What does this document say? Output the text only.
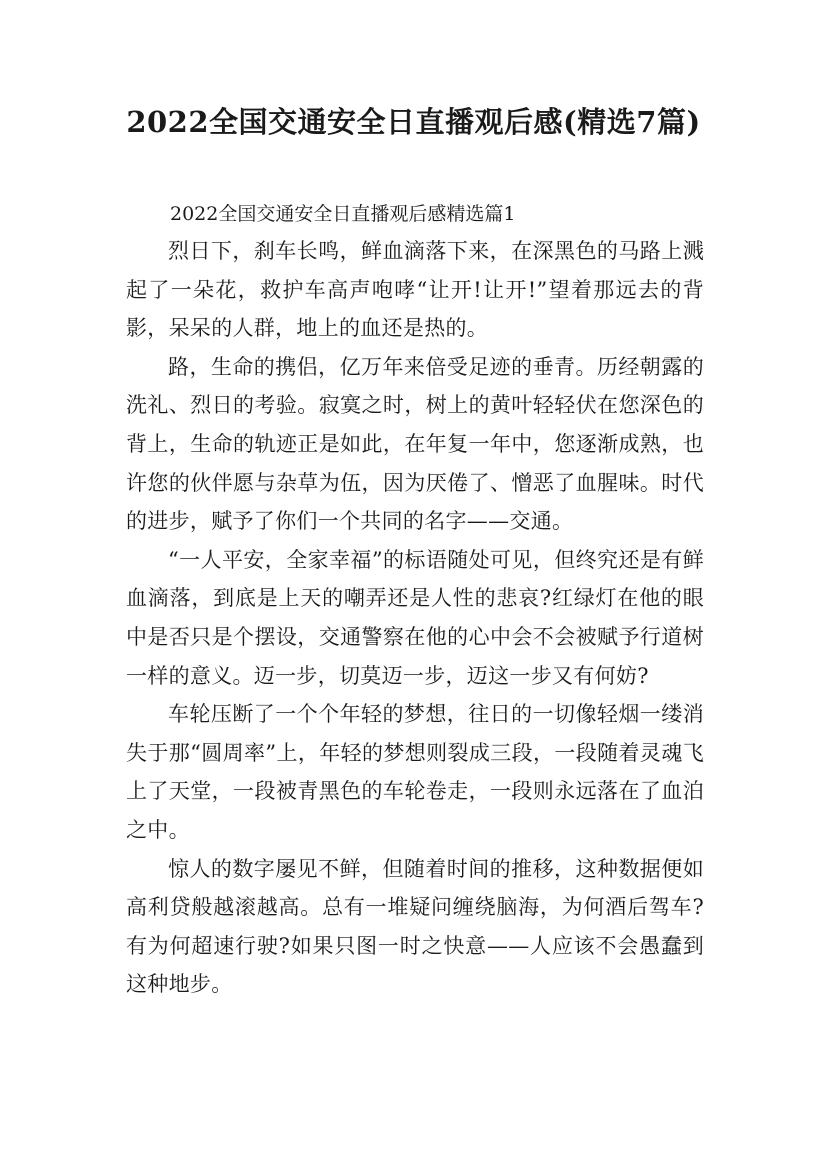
2022全国交通安全日直播观后感(精选7篇)

2022全国交通安全日直播观后感精选篇1

烈日下，刹车长鸣，鲜血滴落下来，在深黑色的马路上溅起了一朵花，救护车高声咆哮“让开!让开!”望着那远去的背影，呆呆的人群，地上的血还是热的。

路，生命的携侣，亿万年来倍受足迹的垂青。历经朝露的洗礼、烈日的考验。寂寞之时，树上的黄叶轻轻伏在您深色的背上，生命的轨迹正是如此，在年复一年中，您逐渐成熟，也许您的伙伴愿与杂草为伍，因为厌倦了、憎恶了血腥味。时代的进步，赋予了你们一个共同的名字——交通。

“一人平安，全家幸福”的标语随处可见，但终究还是有鲜血滴落，到底是上天的嘲弄还是人性的悲哀?红绿灯在他的眼中是否只是个摆设，交通警察在他的心中会不会被赋予行道树一样的意义。迈一步，切莫迈一步，迈这一步又有何妨?

车轮压断了一个个年轻的梦想，往日的一切像轻烟一缕消失于那“圆周率”上，年轻的梦想则裂成三段，一段随着灵魂飞上了天堂，一段被青黑色的车轮卷走，一段则永远落在了血泊之中。

惊人的数字屡见不鲜，但随着时间的推移，这种数据便如高利贷般越滚越高。总有一堆疑问缠绕脑海，为何酒后驾车?有为何超速行驶?如果只图一时之快意——人应该不会愚蠢到这种地步。
